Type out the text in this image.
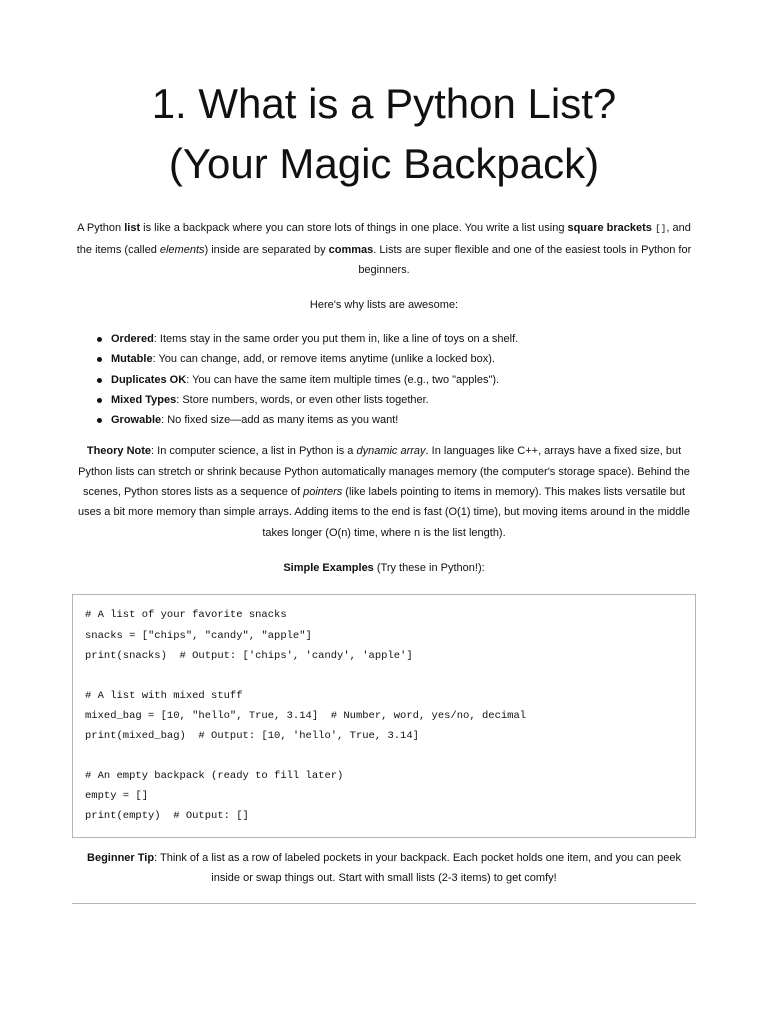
1. What is a Python List?
(Your Magic Backpack)

A Python list is like a backpack where you can store lots of things in one place. You write a list using square brackets [], and the items (called elements) inside are separated by commas. Lists are super flexible and one of the easiest tools in Python for beginners.

Here's why lists are awesome:

Ordered: Items stay in the same order you put them in, like a line of toys on a shelf.
Mutable: You can change, add, or remove items anytime (unlike a locked box).
Duplicates OK: You can have the same item multiple times (e.g., two "apples").
Mixed Types: Store numbers, words, or even other lists together.
Growable: No fixed size—add as many items as you want!

Theory Note: In computer science, a list in Python is a dynamic array. In languages like C++, arrays have a fixed size, but Python lists can stretch or shrink because Python automatically manages memory (the computer's storage space). Behind the scenes, Python stores lists as a sequence of pointers (like labels pointing to items in memory). This makes lists versatile but uses a bit more memory than simple arrays. Adding items to the end is fast (O(1) time), but moving items around in the middle takes longer (O(n) time, where n is the list length).

Simple Examples (Try these in Python!):

# A list of your favorite snacks
snacks = ["chips", "candy", "apple"]
print(snacks)  # Output: ['chips', 'candy', 'apple']
# A list with mixed stuff
mixed_bag = [10, "hello", True, 3.14]  # Number, word, yes/no, decimal
print(mixed_bag)  # Output: [10, 'hello', True, 3.14]
# An empty backpack (ready to fill later)
empty = []
print(empty)  # Output: []

Beginner Tip: Think of a list as a row of labeled pockets in your backpack. Each pocket holds one item, and you can peek inside or swap things out. Start with small lists (2-3 items) to get comfy!
